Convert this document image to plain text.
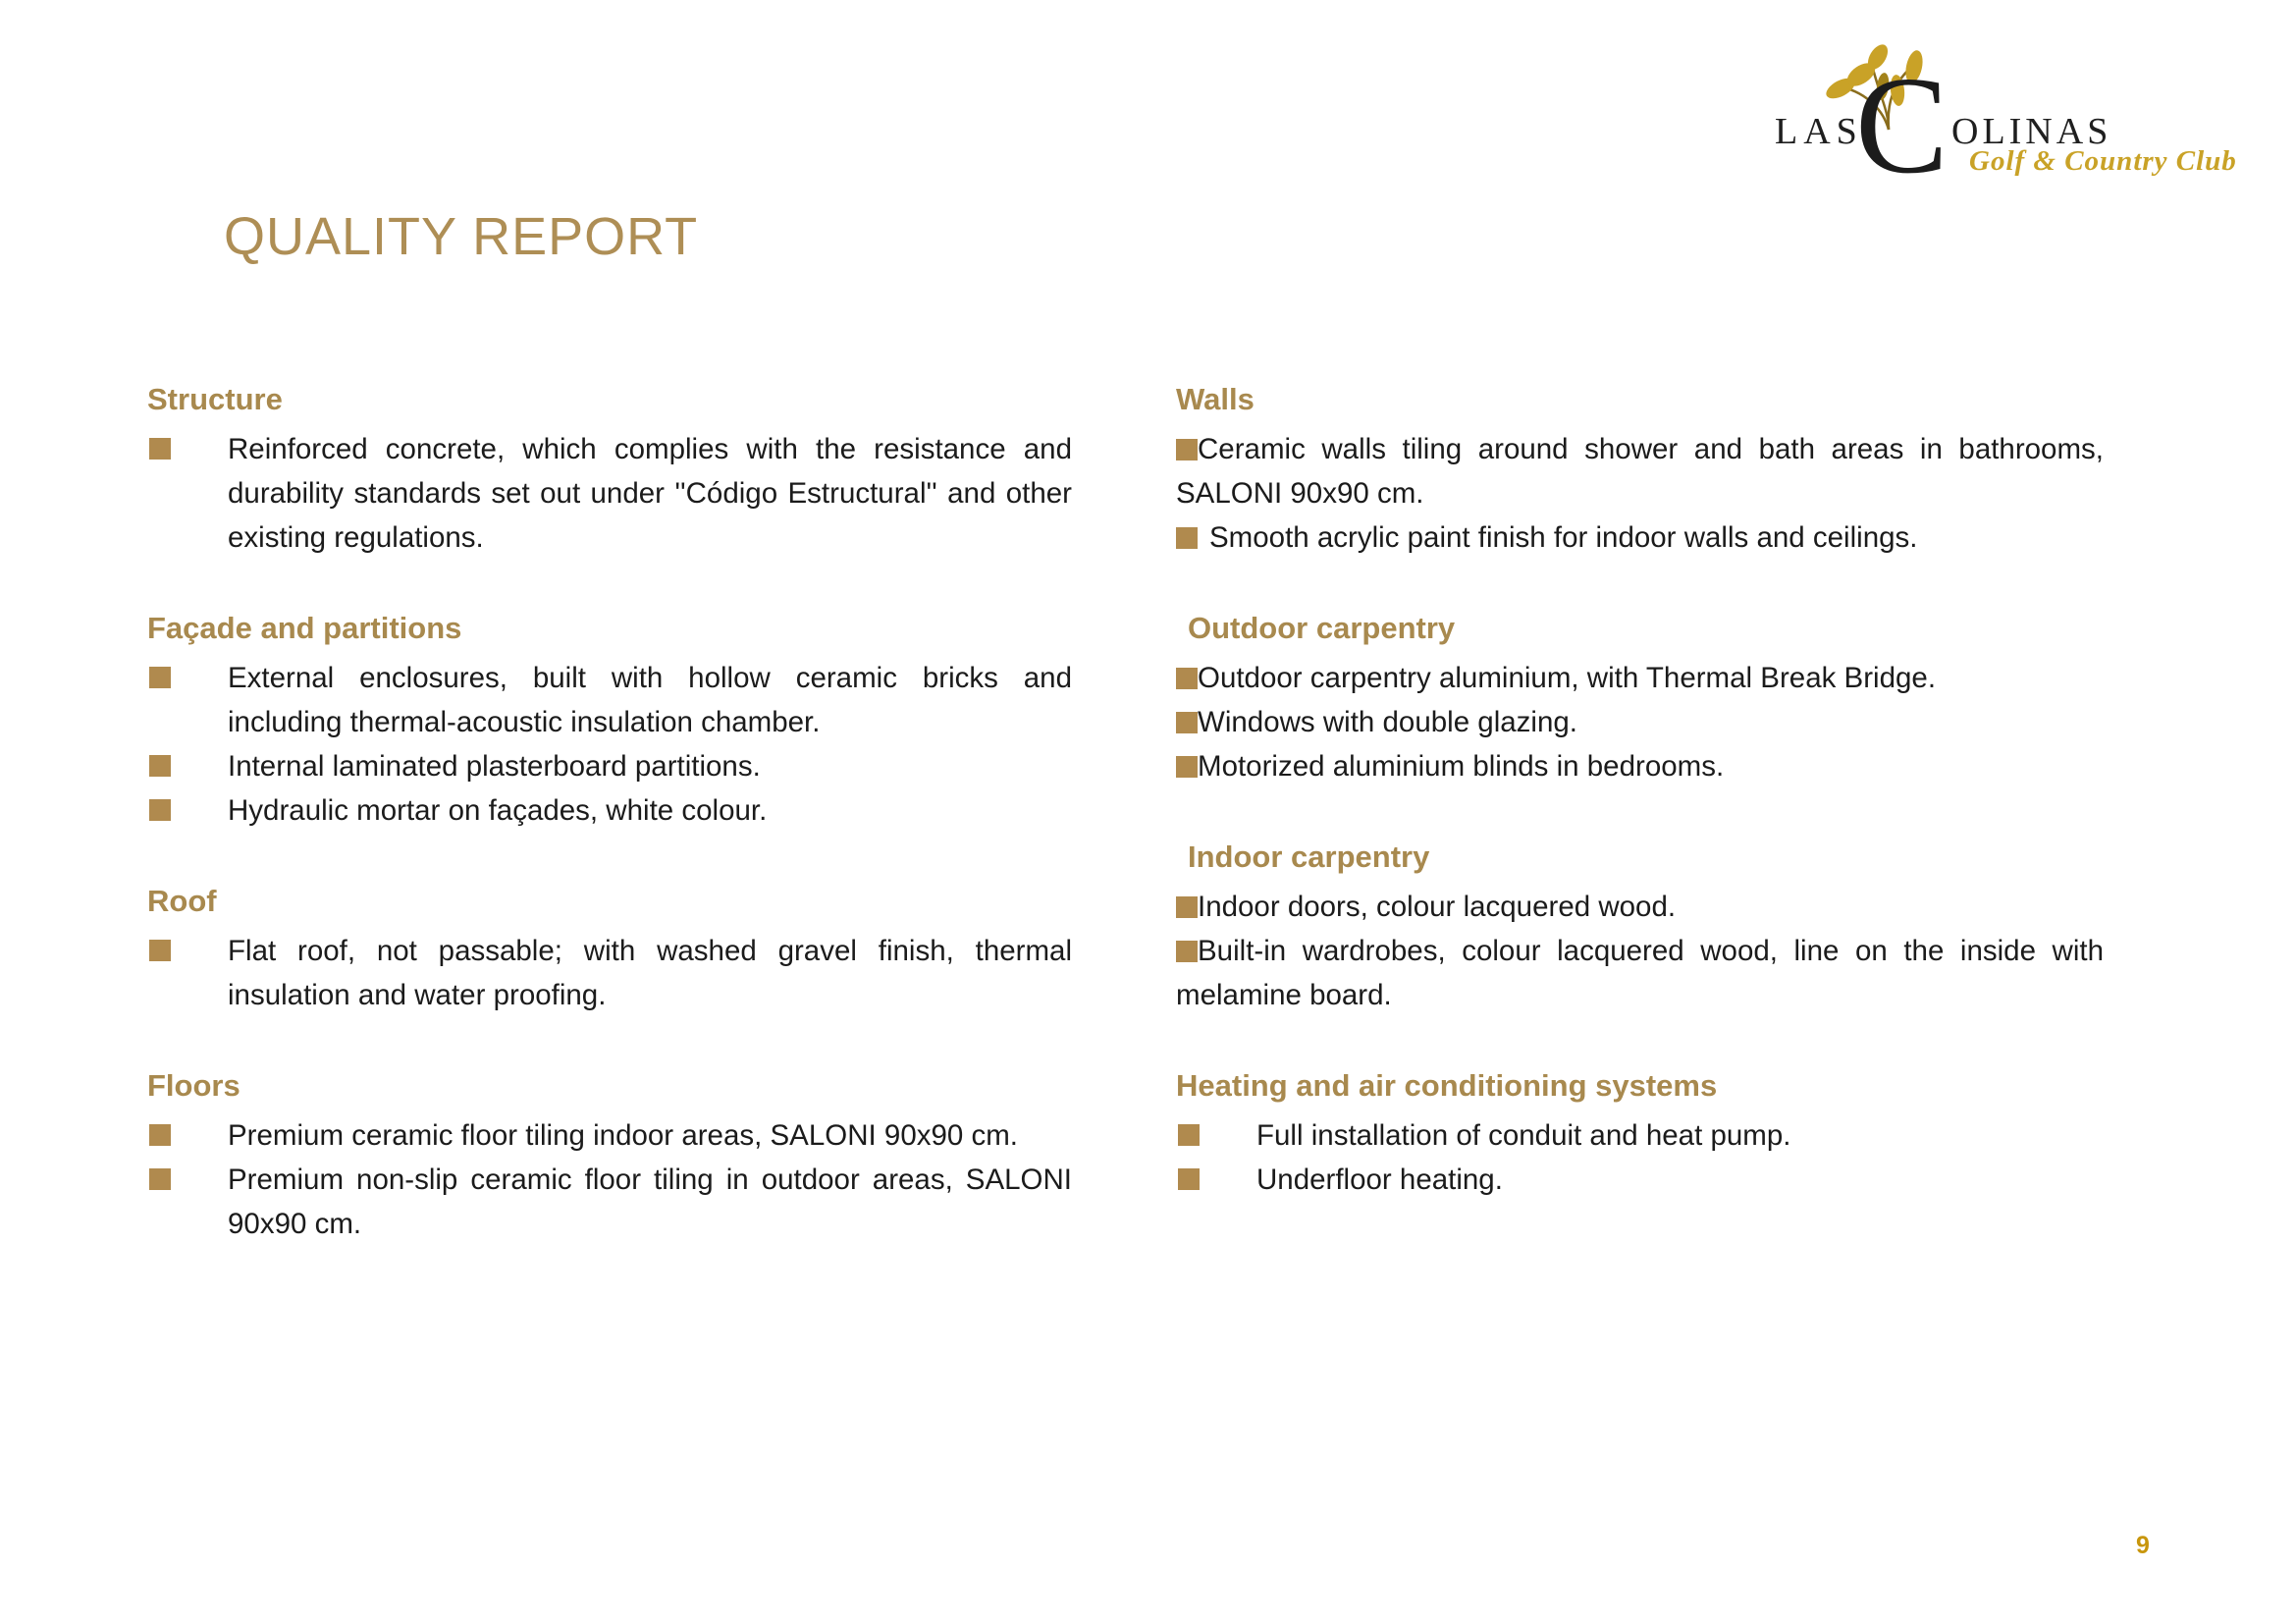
LAS
C OLINAS
Golf & Country Club
QUALITY REPORT
Structure

Reinforced concrete, which complies with the resistance and durability standards set out under ''Código Estructural'' and other existing regulations.

Façade and partitions

External enclosures, built with hollow ceramic bricks and including thermal-acoustic insulation chamber.

Internal laminated plasterboard partitions.

Hydraulic mortar on façades, white colour.

Roof

Flat roof, not passable; with washed gravel finish, thermal insulation and water proofing.

Floors

Premium ceramic floor tiling indoor areas, SALONI 90x90 cm.

Premium non-slip ceramic floor tiling in outdoor areas, SALONI 90x90 cm.

Walls

Ceramic walls tiling around shower and bath areas in bathrooms, SALONI 90x90 cm.

Smooth acrylic paint finish for indoor walls and ceilings.

Outdoor carpentry

Outdoor carpentry aluminium, with Thermal Break Bridge.

Windows with double glazing.

Motorized aluminium blinds in bedrooms.

Indoor carpentry

Indoor doors, colour lacquered wood.

Built-in wardrobes, colour lacquered wood, line on the inside with melamine board.

Heating and air conditioning systems

Full installation of conduit and heat pump.

Underfloor heating.

9
